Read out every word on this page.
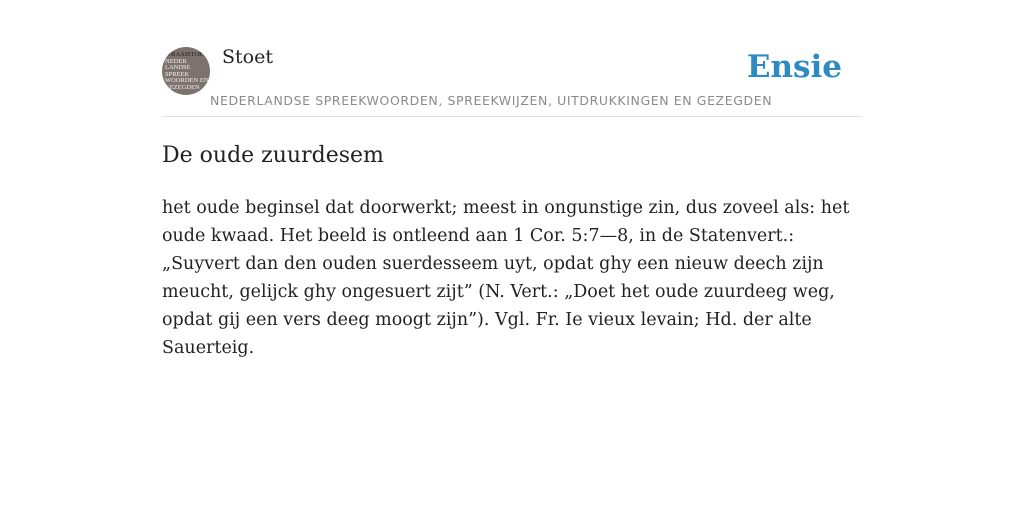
WRAAISTOET
NEDER
LANDSE
SPREEK
WOORDEN EN
GEZEGDEN
Stoet	Ensie
NEDERLANDSE SPREEKWOORDEN, SPREEKWIJZEN, UITDRUKKINGEN EN GEZEGDEN
De oude zuurdesem

het oude beginsel dat doorwerkt; meest in ongunstige zin, dus zoveel als: het oude kwaad. Het beeld is ontleend aan 1 Cor. 5:7—8, in de Statenvert.: „Suyvert dan den ouden suerdesseem uyt, opdat ghy een nieuw deech zijn meucht, gelijck ghy ongesuert zijt” (N. Vert.: „Doet het oude zuurdeeg weg, opdat gij een vers deeg moogt zijn”). Vgl. Fr. Ie vieux levain; Hd. der alte Sauerteig.
